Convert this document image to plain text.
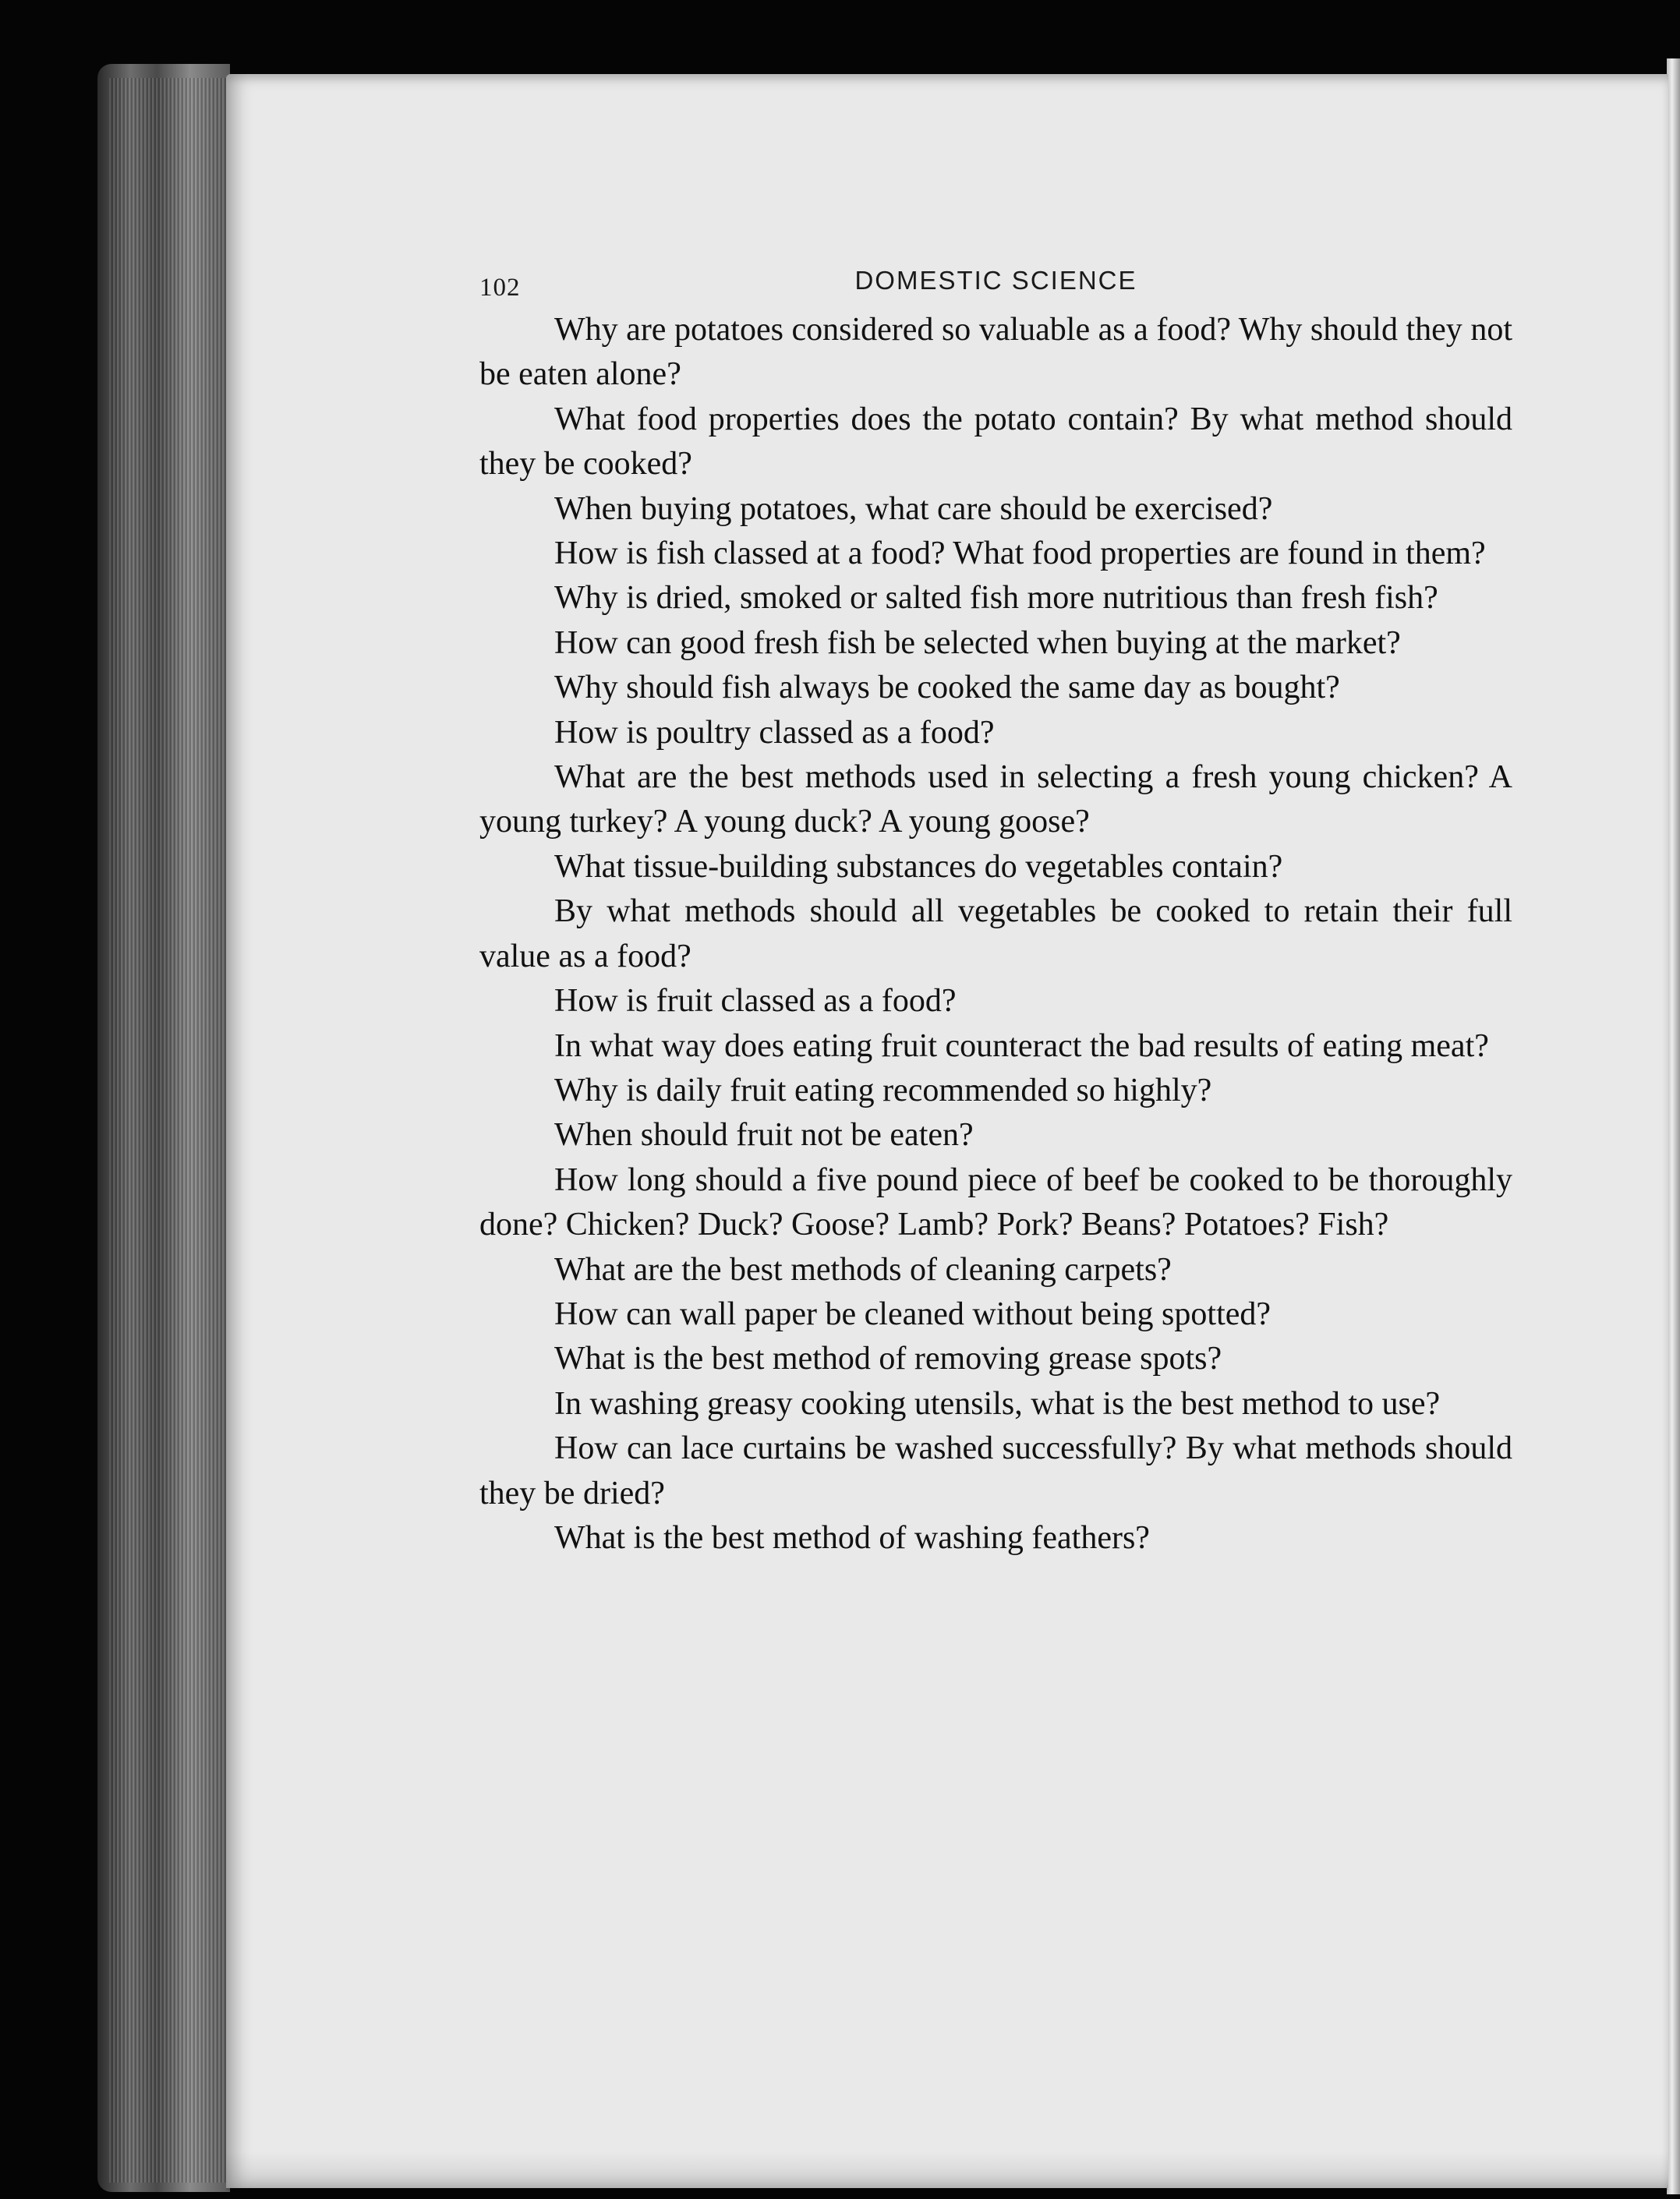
102	DOMESTIC SCIENCE

Why are potatoes considered so valuable as a food? Why should they not be eaten alone?

What food properties does the potato contain? By what method should they be cooked?

When buying potatoes, what care should be exercised?

How is fish classed at a food? What food properties are found in them?

Why is dried, smoked or salted fish more nutritious than fresh fish?

How can good fresh fish be selected when buying at the market?

Why should fish always be cooked the same day as bought?

How is poultry classed as a food?

What are the best methods used in selecting a fresh young chicken? A young turkey? A young duck? A young goose?

What tissue-building substances do vegetables contain?

By what methods should all vegetables be cooked to retain their full value as a food?

How is fruit classed as a food?

In what way does eating fruit counteract the bad results of eating meat?

Why is daily fruit eating recommended so highly?

When should fruit not be eaten?

How long should a five pound piece of beef be cooked to be thoroughly done? Chicken? Duck? Goose? Lamb? Pork? Beans? Potatoes? Fish?

What are the best methods of cleaning carpets?

How can wall paper be cleaned without being spotted?

What is the best method of removing grease spots?

In washing greasy cooking utensils, what is the best method to use?

How can lace curtains be washed successfully? By what methods should they be dried?

What is the best method of washing feathers?
